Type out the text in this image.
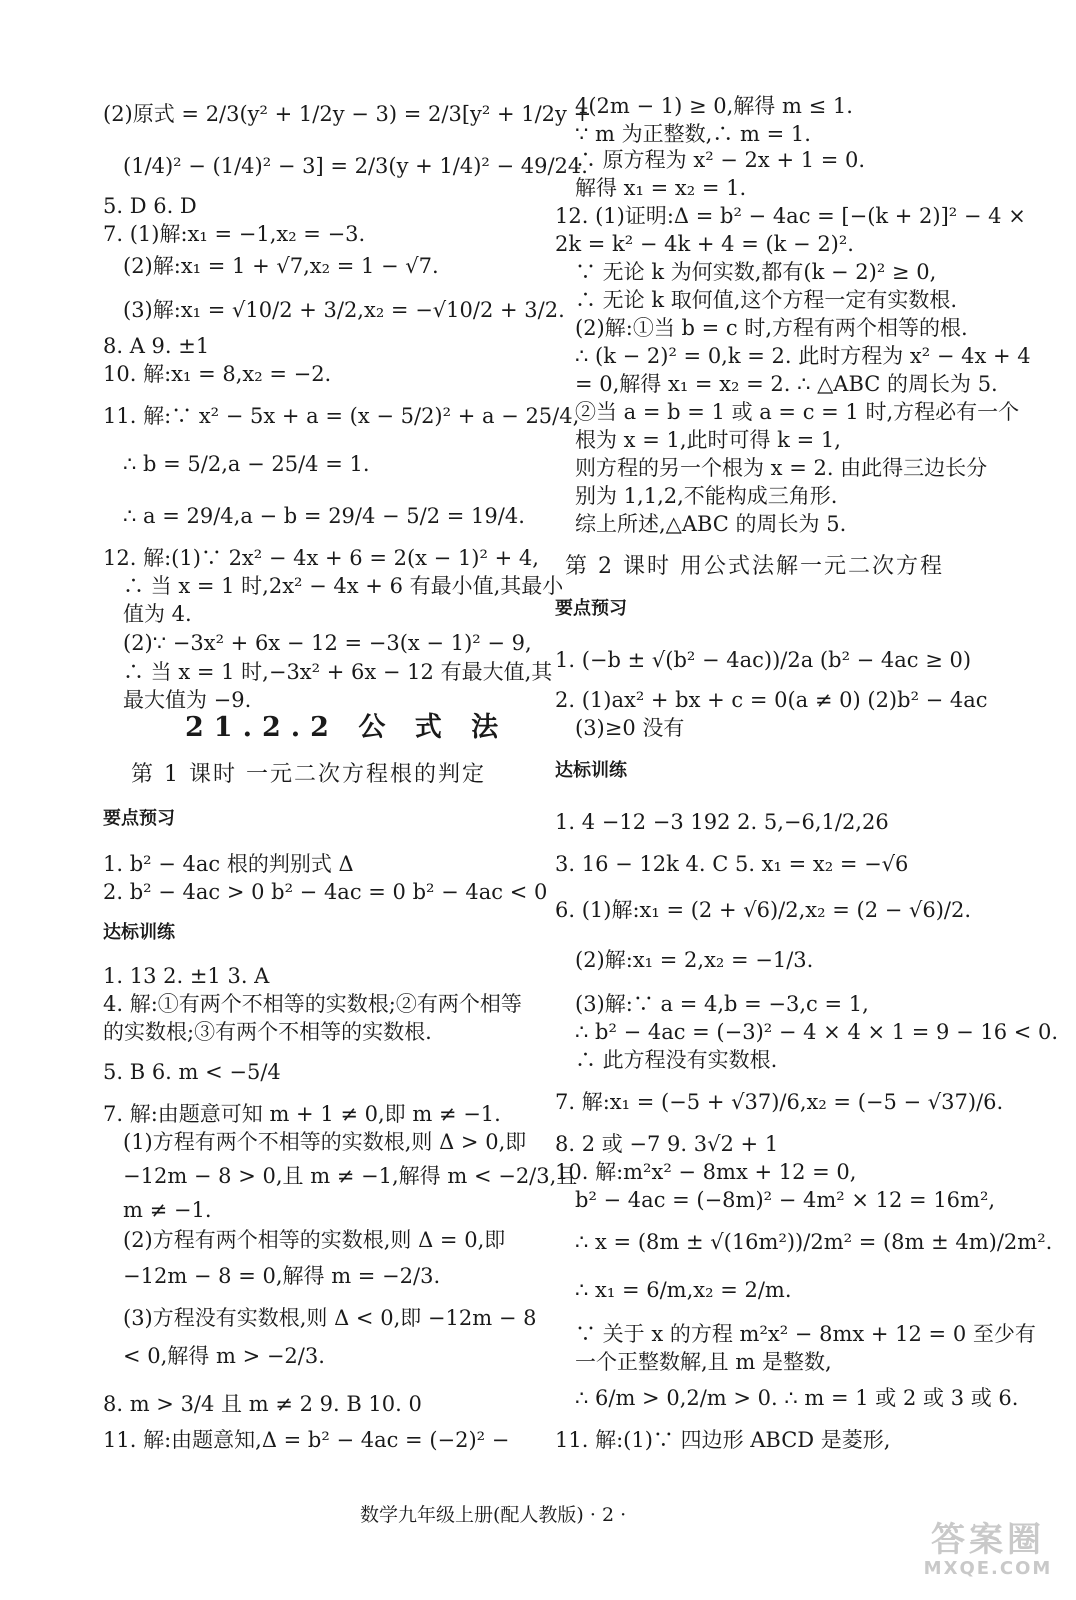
(2)原式 = 2/3(y² + 1/2y − 3) = 2/3[y² + 1/2y +
(1/4)² − (1/4)² − 3] = 2/3(y + 1/4)² − 49/24.
5. D 6. D
7. (1)解:x₁ = −1,x₂ = −3.
(2)解:x₁ = 1 + √7,x₂ = 1 − √7.
(3)解:x₁ = √10/2 + 3/2,x₂ = −√10/2 + 3/2.
8. A 9. ±1
10. 解:x₁ = 8,x₂ = −2.
11. 解:∵ x² − 5x + a = (x − 5/2)² + a − 25/4,
∴ b = 5/2,a − 25/4 = 1.
∴ a = 29/4,a − b = 29/4 − 5/2 = 19/4.
12. 解:(1)∵ 2x² − 4x + 6 = 2(x − 1)² + 4,
∴ 当 x = 1 时,2x² − 4x + 6 有最小值,其最小
值为 4.
(2)∵ −3x² + 6x − 12 = −3(x − 1)² − 9,
∴ 当 x = 1 时,−3x² + 6x − 12 有最大值,其
最大值为 −9.
21.2.2 公 式 法
第 1 课时 一元二次方程根的判定
要点预习
1. b² − 4ac 根的判别式 Δ
2. b² − 4ac > 0 b² − 4ac = 0 b² − 4ac < 0
达标训练
1. 13 2. ±1 3. A
4. 解:①有两个不相等的实数根;②有两个相等
的实数根;③有两个不相等的实数根.
5. B 6. m < −5/4
7. 解:由题意可知 m + 1 ≠ 0,即 m ≠ −1.
(1)方程有两个不相等的实数根,则 Δ > 0,即
−12m − 8 > 0,且 m ≠ −1,解得 m < −2/3,且
m ≠ −1.
(2)方程有两个相等的实数根,则 Δ = 0,即
−12m − 8 = 0,解得 m = −2/3.
(3)方程没有实数根,则 Δ < 0,即 −12m − 8
< 0,解得 m > −2/3.
8. m > 3/4 且 m ≠ 2 9. B 10. 0
11. 解:由题意知,Δ = b² − 4ac = (−2)² −
4(2m − 1) ≥ 0,解得 m ≤ 1.
∵ m 为正整数,∴ m = 1.
∴ 原方程为 x² − 2x + 1 = 0.
解得 x₁ = x₂ = 1.
12. (1)证明:Δ = b² − 4ac = [−(k + 2)]² − 4 ×
2k = k² − 4k + 4 = (k − 2)².
∵ 无论 k 为何实数,都有(k − 2)² ≥ 0,
∴ 无论 k 取何值,这个方程一定有实数根.
(2)解:①当 b = c 时,方程有两个相等的根.
∴ (k − 2)² = 0,k = 2. 此时方程为 x² − 4x + 4
= 0,解得 x₁ = x₂ = 2. ∴ △ABC 的周长为 5.
②当 a = b = 1 或 a = c = 1 时,方程必有一个
根为 x = 1,此时可得 k = 1,
则方程的另一个根为 x = 2. 由此得三边长分
别为 1,1,2,不能构成三角形.
综上所述,△ABC 的周长为 5.
第 2 课时 用公式法解一元二次方程
要点预习
1. (−b ± √(b² − 4ac))/2a (b² − 4ac ≥ 0)
2. (1)ax² + bx + c = 0(a ≠ 0) (2)b² − 4ac
(3)≥0 没有
达标训练
1. 4 −12 −3 192 2. 5,−6,1/2,26
3. 16 − 12k 4. C 5. x₁ = x₂ = −√6
6. (1)解:x₁ = (2 + √6)/2,x₂ = (2 − √6)/2.
(2)解:x₁ = 2,x₂ = −1/3.
(3)解:∵ a = 4,b = −3,c = 1,
∴ b² − 4ac = (−3)² − 4 × 4 × 1 = 9 − 16 < 0.
∴ 此方程没有实数根.
7. 解:x₁ = (−5 + √37)/6,x₂ = (−5 − √37)/6.
8. 2 或 −7 9. 3√2 + 1
10. 解:m²x² − 8mx + 12 = 0,
b² − 4ac = (−8m)² − 4m² × 12 = 16m²,
∴ x = (8m ± √(16m²))/2m² = (8m ± 4m)/2m².
∴ x₁ = 6/m,x₂ = 2/m.
∵ 关于 x 的方程 m²x² − 8mx + 12 = 0 至少有
一个正整数解,且 m 是整数,
∴ 6/m > 0,2/m > 0. ∴ m = 1 或 2 或 3 或 6.
11. 解:(1)∵ 四边形 ABCD 是菱形,
数学九年级上册(配人教版) · 2 ·
答案圈
MXQE.COM
